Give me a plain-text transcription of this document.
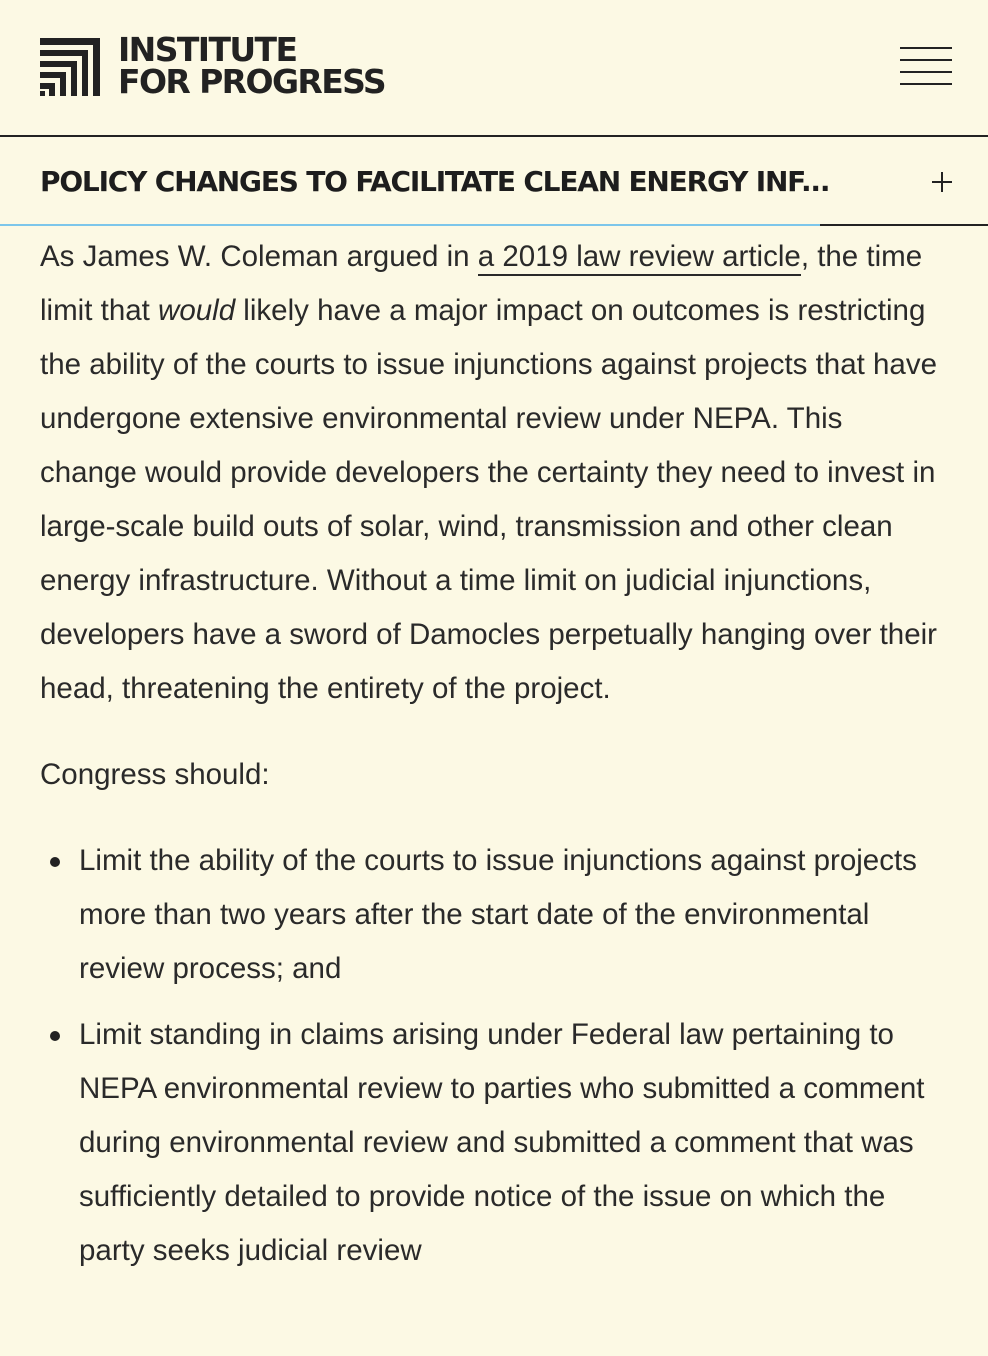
INSTITUTE
FOR PROGRESS
POLICY CHANGES TO FACILITATE CLEAN ENERGY INF...

As James W. Coleman argued in a 2019 law review article, the time limit that would likely have a major impact on outcomes is restricting the ability of the courts to issue injunctions against projects that have undergone extensive environmental review under NEPA. This change would provide developers the certainty they need to invest in large-scale build outs of solar, wind, transmission and other clean energy infrastructure. Without a time limit on judicial injunctions, developers have a sword of Damocles perpetually hanging over their head, threatening the entirety of the project.

Congress should:

Limit the ability of the courts to issue injunctions against projects more than two years after the start date of the environmental review process; and
Limit standing in claims arising under Federal law pertaining to NEPA environmental review to parties who submitted a comment during environmental review and submitted a comment that was sufficiently detailed to provide notice of the issue on which the party seeks judicial review
